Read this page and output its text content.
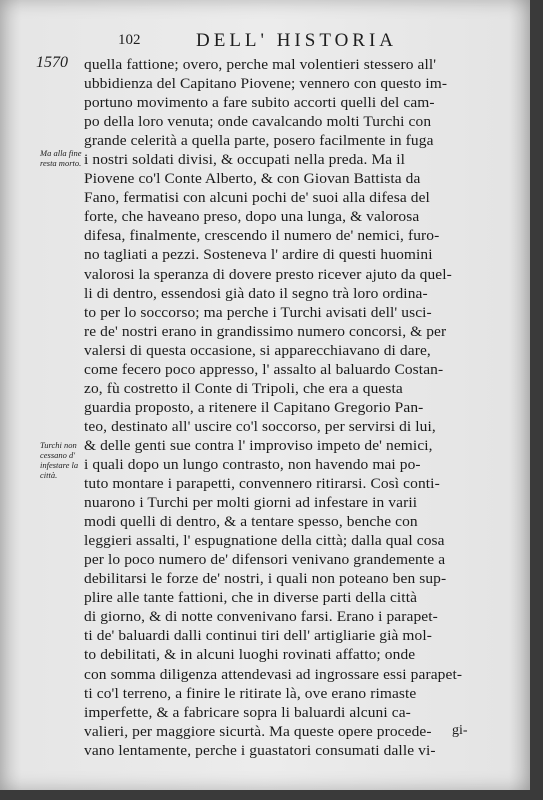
102	DELL' HISTORIA
1570
Ma alla fine resta morto.
Turchi non cessano d' infestare la città.
quella fattione; overo, perche mal volentieri stessero all'
ubbidienza del Capitano Piovene; vennero con questo im-
portuno movimento a fare subito accorti quelli del cam-
po della loro venuta; onde cavalcando molti Turchi con
grande celerità a quella parte, posero facilmente in fuga
i nostri soldati divisi, & occupati nella preda. Ma il
Piovene co'l Conte Alberto, & con Giovan Battista da
Fano, fermatisi con alcuni pochi de' suoi alla difesa del
forte, che haveano preso, dopo una lunga, & valorosa
difesa, finalmente, crescendo il numero de' nemici, furo-
no tagliati a pezzi. Sosteneva l' ardire di questi huomini
valorosi la speranza di dovere presto ricever ajuto da quel-
li di dentro, essendosi già dato il segno trà loro ordina-
to per lo soccorso; ma perche i Turchi avisati dell' usci-
re de' nostri erano in grandissimo numero concorsi, & per
valersi di questa occasione, si apparecchiavano di dare,
come fecero poco appresso, l' assalto al baluardo Costan-
zo, fù costretto il Conte di Tripoli, che era a questa
guardia proposto, a ritenere il Capitano Gregorio Pan-
teo, destinato all' uscire co'l soccorso, per servirsi di lui,
& delle genti sue contra l' improviso impeto de' nemici,
i quali dopo un lungo contrasto, non havendo mai po-
tuto montare i parapetti, convennero ritirarsi. Così conti-
nuarono i Turchi per molti giorni ad infestare in varii
modi quelli di dentro, & a tentare spesso, benche con
leggieri assalti, l' espugnatione della città; dalla qual cosa
per lo poco numero de' difensori venivano grandemente a
debilitarsi le forze de' nostri, i quali non poteano ben sup-
plire alle tante fattioni, che in diverse parti della città
di giorno, & di notte convenivano farsi. Erano i parapet-
ti de' baluardi dalli continui tiri dell' artigliarie già mol-
to debilitati, & in alcuni luoghi rovinati affatto; onde
con somma diligenza attendevasi ad ingrossare essi parapet-
ti co'l terreno, a finire le ritirate là, ove erano rimaste
imperfette, & a fabricare sopra li baluardi alcuni ca-
valieri, per maggiore sicurtà. Ma queste opere procede-
vano lentamente, perche i guastatori consumati dalle vi-
gi-
